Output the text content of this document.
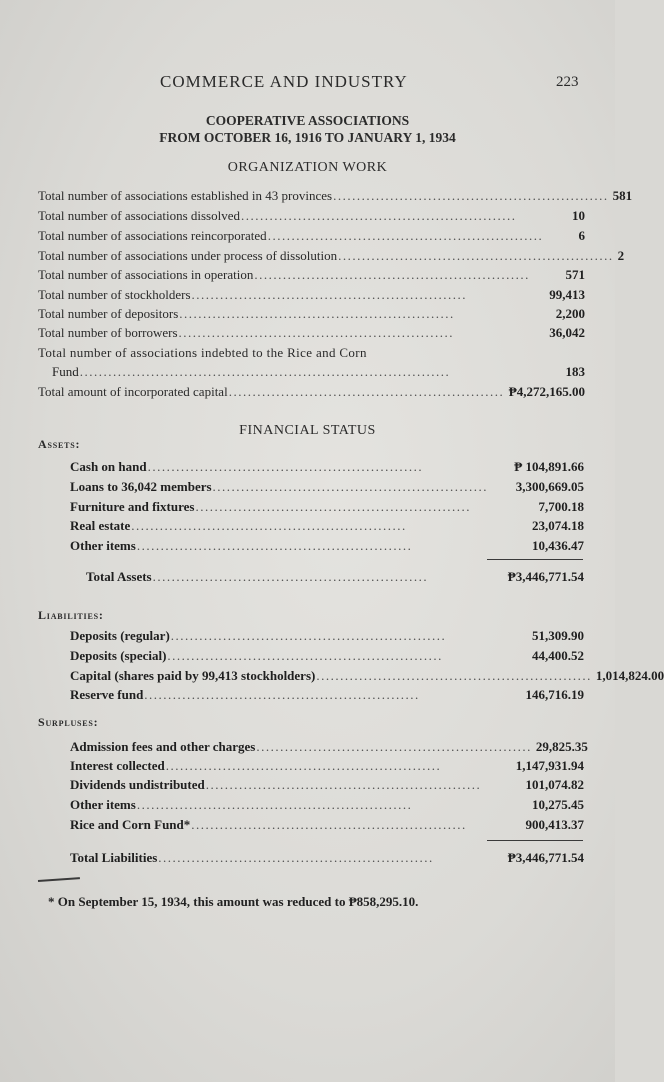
COMMERCE AND INDUSTRY	223
COOPERATIVE ASSOCIATIONS
FROM OCTOBER 16, 1916 TO JANUARY 1, 1934
ORGANIZATION WORK
Total number of associations established in 43 provinces .......................................................... 581
Total number of associations dissolved ..........................................................	10
Total number of associations reincorporated ..........................................................	6
Total number of associations under process of dissolution .......................................................... 2
Total number of associations in operation ..........................................................	571
Total number of stockholders ..........................................................	99,413
Total number of depositors ..........................................................	2,200
Total number of borrowers ..........................................................	36,042
Total number of associations indebted to the Rice and Corn
Fund ..............................................................................	183
Total amount of incorporated capital .......................................................... ₱4,272,165.00
FINANCIAL STATUS
Assets:
Cash on hand ..........................................................	₱ 104,891.66
Loans to 36,042 members ..........................................................	3,300,669.05
Furniture and fixtures ..........................................................	7,700.18
Real estate ..........................................................	23,074.18
Other items ..........................................................	10,436.47
Total Assets ..........................................................	₱3,446,771.54
Liabilities:
Deposits (regular) ..........................................................	51,309.90
Deposits (special) ..........................................................	44,400.52
Capital (shares paid by 99,413 stockholders) .......................................................... 1,014,824.00
Reserve fund ..........................................................	146,716.19
Surpluses:
Admission fees and other charges .......................................................... 29,825.35
Interest collected ..........................................................	1,147,931.94
Dividends undistributed ..........................................................	101,074.82
Other items ..........................................................	10,275.45
Rice and Corn Fund* ..........................................................	900,413.37
Total Liabilities ..........................................................	₱3,446,771.54
* On September 15, 1934, this amount was reduced to ₱858,295.10.
